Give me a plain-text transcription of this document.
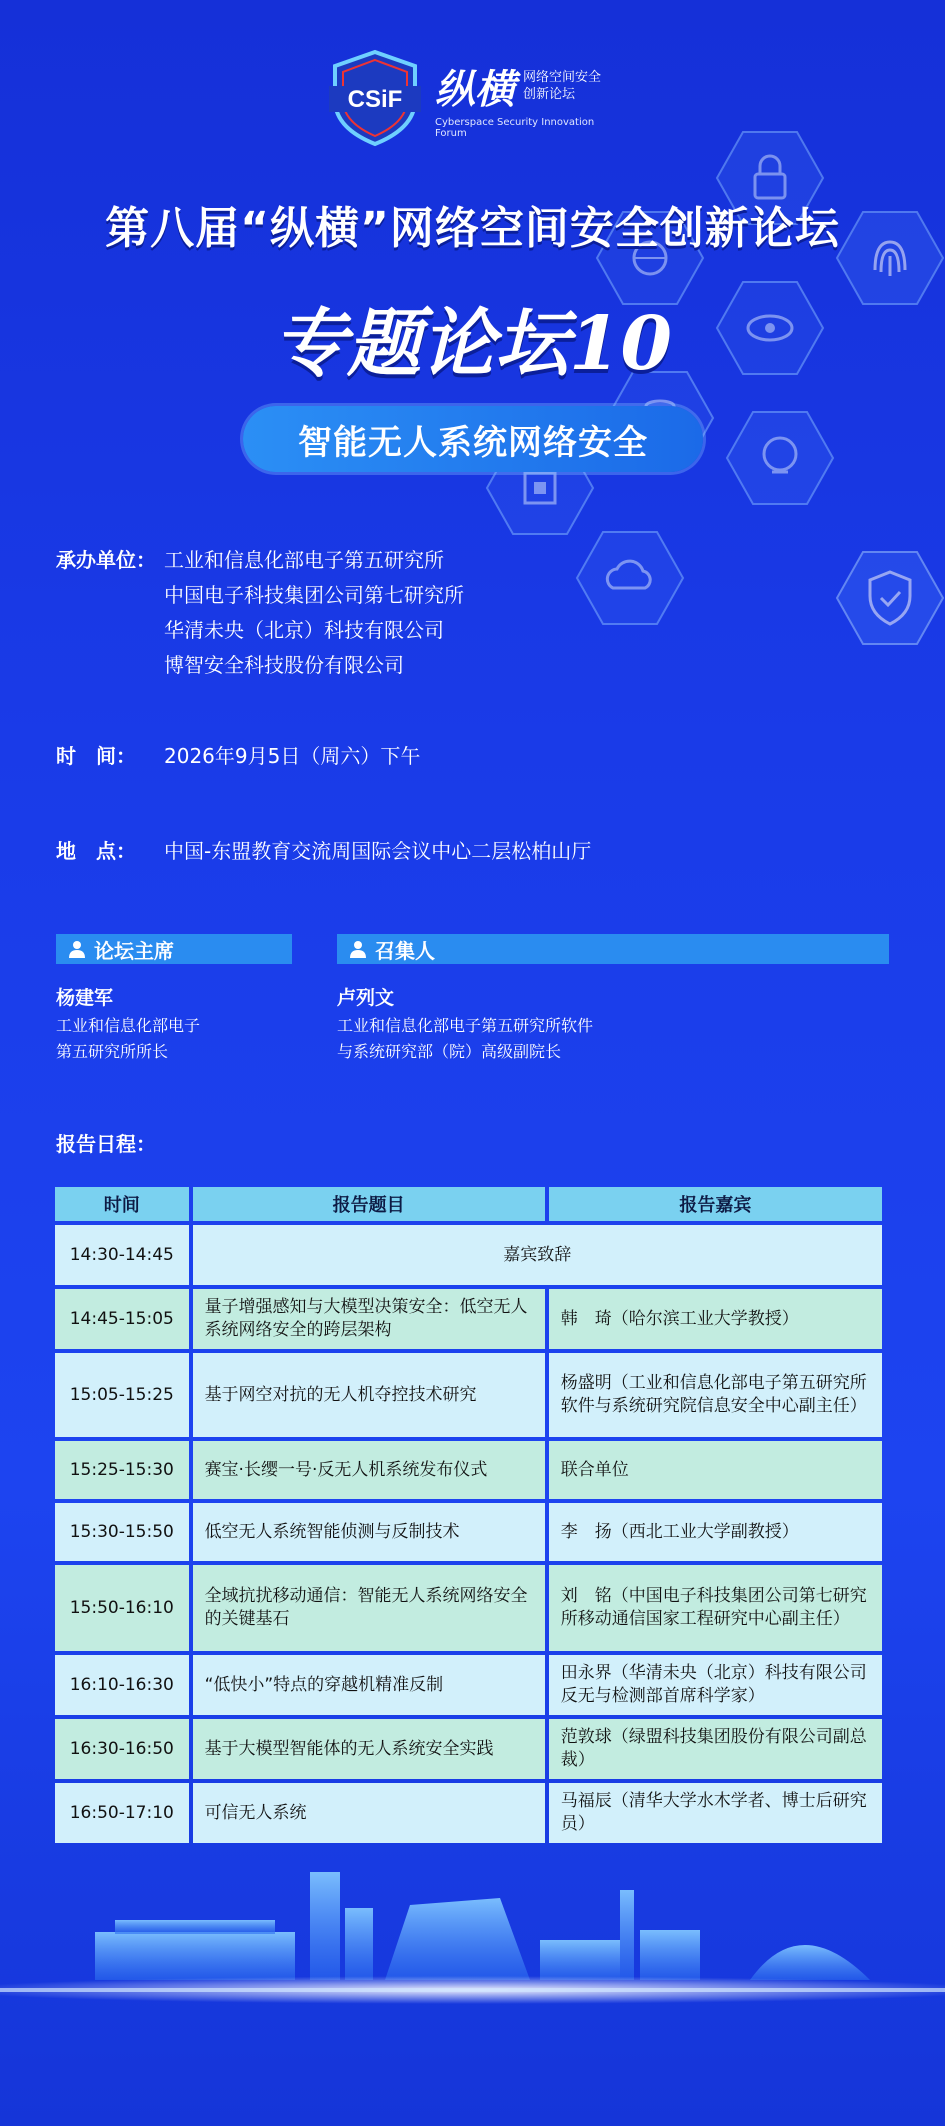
CSiF 纵横 网络空间安全
创新论坛
Cyberspace Security Innovation Forum
第八届“纵横”网络空间安全创新论坛
专题论坛10
智能无人系统网络安全
承办单位： 工业和信息化部电子第五研究所
中国电子科技集团公司第七研究所
华清未央（北京）科技有限公司
博智安全科技股份有限公司
时　间： 2026年9月5日（周六）下午
地　点： 中国-东盟教育交流周国际会议中心二层松柏山厅
论坛主席	召集人
杨建军
工业和信息化部电子
第五研究所所长
卢列文
工业和信息化部电子第五研究所软件
与系统研究部（院）高级副院长
报告日程：
时间	报告题目	报告嘉宾
14:30-14:45	嘉宾致辞	
14:45-15:05	量子增强感知与大模型决策安全：低空无人系统网络安全的跨层架构	韩　琦（哈尔滨工业大学教授）
15:05-15:25	基于网空对抗的无人机夺控技术研究	杨盛明（工业和信息化部电子第五研究所软件与系统研究院信息安全中心副主任）
15:25-15:30	赛宝·长缨一号·反无人机系统发布仪式	联合单位
15:30-15:50	低空无人系统智能侦测与反制技术	李　扬（西北工业大学副教授）
15:50-16:10	全域抗扰移动通信：智能无人系统网络安全的关键基石	刘　铭（中国电子科技集团公司第七研究所移动通信国家工程研究中心副主任）
16:10-16:30	“低快小”特点的穿越机精准反制	田永界（华清未央（北京）科技有限公司反无与检测部首席科学家）
16:30-16:50	基于大模型智能体的无人系统安全实践	范敦球（绿盟科技集团股份有限公司副总裁）
16:50-17:10	可信无人系统	马福辰（清华大学水木学者、博士后研究员）
